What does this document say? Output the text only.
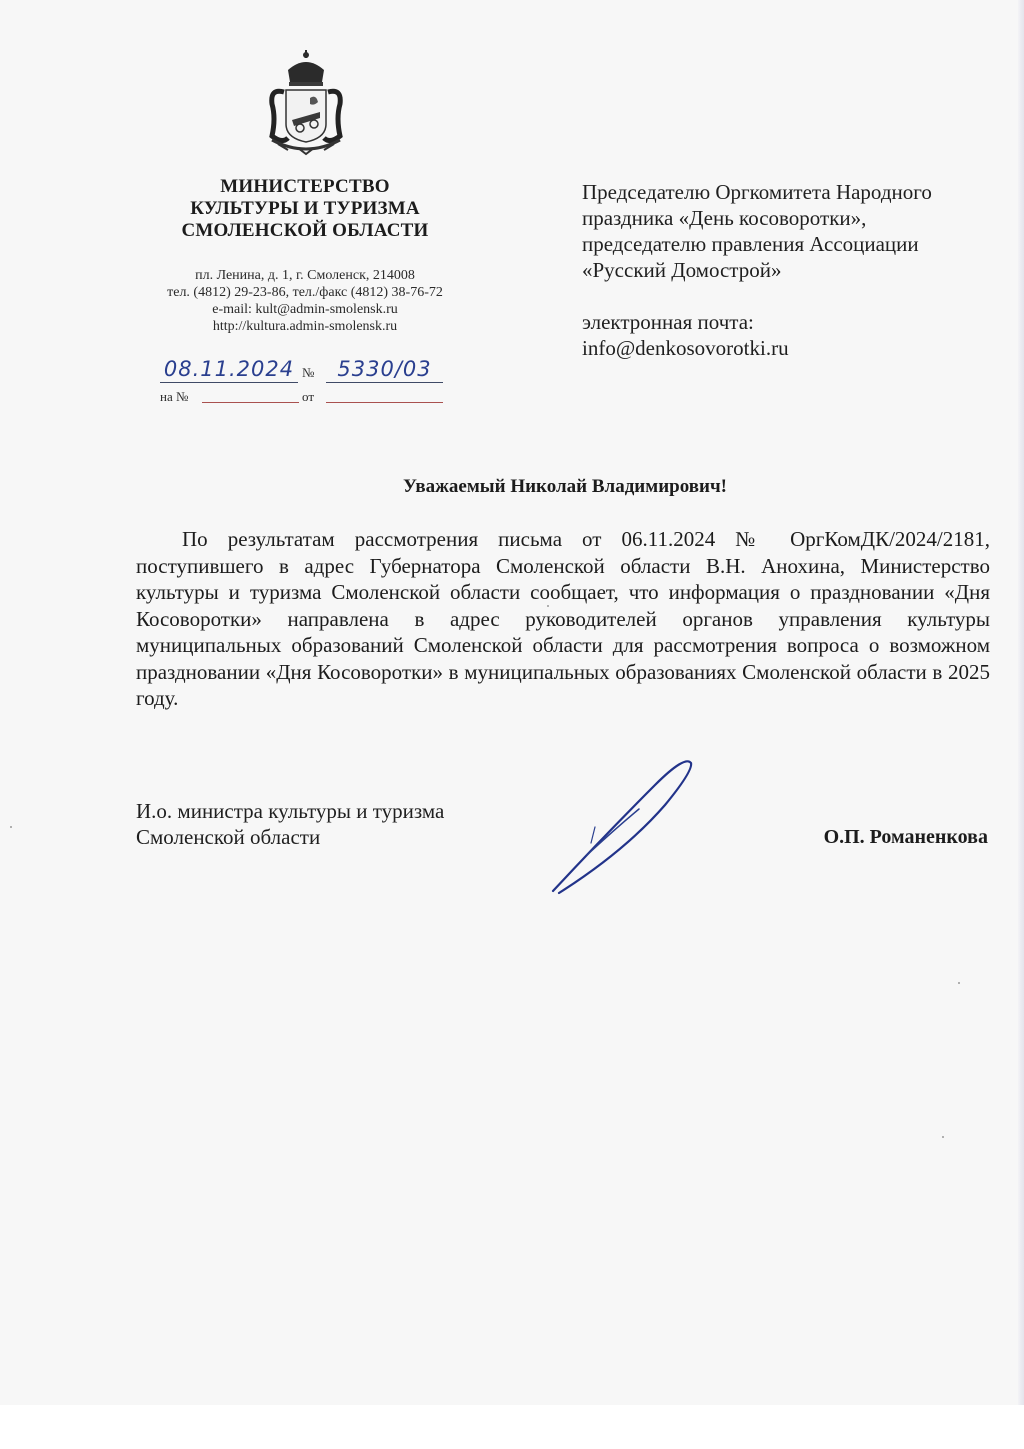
МИНИСТЕРСТВО
КУЛЬТУРЫ И ТУРИЗМА
СМОЛЕНСКОЙ ОБЛАСТИ
пл. Ленина, д. 1, г. Смоленск, 214008
тел. (4812) 29-23-86, тел./факс (4812) 38-76-72
e-mail: kult@admin-smolensk.ru
http://kultura.admin-smolensk.ru
08.11.2024 №	5330/03
на №	от
Председателю Оргкомитета Народного
праздника «День косоворотки»,
председателю правления Ассоциации
«Русский Домострой»
электронная почта:
info@denkosovorotki.ru
Уважаемый Николай Владимирович!
По результатам рассмотрения письма от 06.11.2024 № ОргКомДК/2024/2181, поступившего в адрес Губернатора Смоленской области В.Н. Анохина, Министерство культуры и туризма Смоленской области сообщает, что информация о праздновании «Дня Косоворотки» направлена в адрес руководителей органов управления культуры муниципальных образований Смоленской области для рассмотрения вопроса о возможном праздновании «Дня Косоворотки» в муниципальных образованиях Смоленской области в 2025 году.
И.о. министра культуры и туризма
Смоленской области	О.П. Романенкова
